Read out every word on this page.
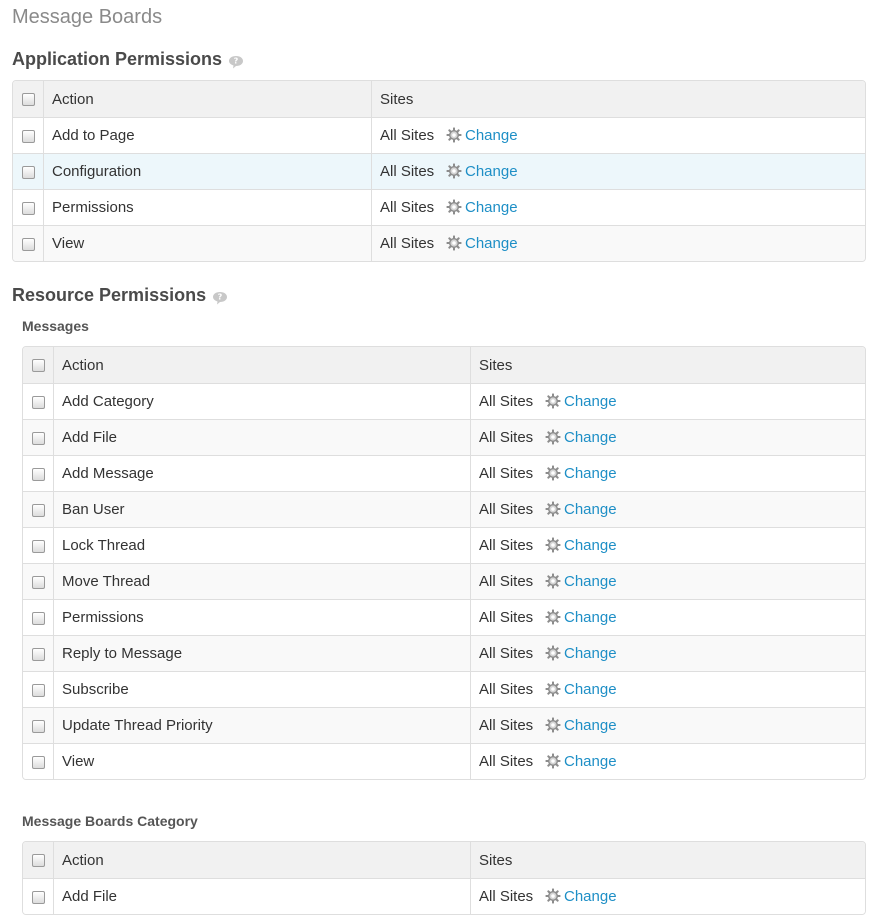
Message Boards
Application Permissions ?
	Action	Sites
	Add to Page	All Sites Change
	Configuration	All Sites Change
	Permissions	All Sites Change
	View	All Sites Change
Resource Permissions ?
Messages
	Action	Sites
	Add Category	All Sites Change
	Add File	All Sites Change
	Add Message	All Sites Change
	Ban User	All Sites Change
	Lock Thread	All Sites Change
	Move Thread	All Sites Change
	Permissions	All Sites Change
	Reply to Message	All Sites Change
	Subscribe	All Sites Change
	Update Thread Priority	All Sites Change
	View	All Sites Change
Message Boards Category
	Action	Sites
	Add File	All Sites Change
